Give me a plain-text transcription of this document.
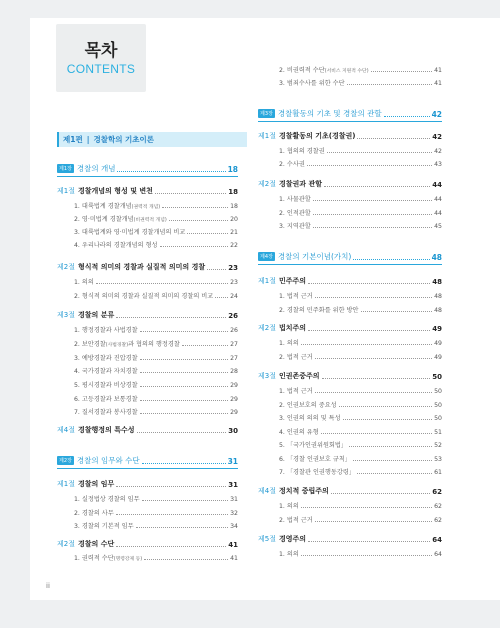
목차
CONTENTS
제1편 | 경찰학의 기초이론
제1장 경찰의 개념	18
제1절 경찰개념의 형성 및 변천	18
1. 대륙법계 경찰개념(권력적 개념)	18
2. 영·미법계 경찰개념(비권력적 개념)	20
3. 대륙법계와 영·미법계 경찰개념의 비교	21
4. 우리나라의 경찰개념의 형성	22
제2절 형식적 의미의 경찰과 실질적 의미의 경찰	23
1. 의의	23
2. 형식적 의미의 경찰과 실질적 의미의 경찰의 비교	24
제3절 경찰의 분류	26
1. 행정경찰과 사법경찰	26
2. 보안경찰(사법경찰)과 협의의 행정경찰	27
3. 예방경찰과 진압경찰	27
4. 국가경찰과 자치경찰	28
5. 평시경찰과 비상경찰	29
6. 고등경찰과 보통경찰	29
7. 질서경찰과 봉사경찰	29
제4절 경찰행정의 특수성	30
제2장 경찰의 임무와 수단	31
제1절 경찰의 임무	31
1. 실정법상 경찰의 임무	31
2. 경찰의 사무	32
3. 경찰의 기본적 임무	34
제2절 경찰의 수단	41
1. 권력적 수단(명령강제 등)	41
ii
2. 비권력적 수단(서비스 지원적 수단)	41
3. 범죄수사를 위한 수단	41
제3장 경찰활동의 기초 및 경찰의 관할	42
제1절 경찰활동의 기초(경찰권)	42
1. 협의의 경찰권	42
2. 수사권	43
제2절 경찰권과 관할	44
1. 사물관할	44
2. 인적관할	44
3. 지역관할	45
제4장 경찰의 기본이념(가치)	48
제1절 민주주의	48
1. 법적 근거	48
2. 경찰의 민주화를 위한 방안	48
제2절 법치주의	49
1. 의의	49
2. 법적 근거	49
제3절 인권존중주의	50
1. 법적 근거	50
2. 인권보호의 중요성	50
3. 인권의 의의 및 특성	50
4. 인권의 유형	51
5. 「국가인권위원회법」	52
6. 「경찰 인권보호 규칙」	53
7. 「경찰관 인권행동강령」	61
제4절 정치적 중립주의	62
1. 의의	62
2. 법적 근거	62
제5절 경영주의	64
1. 의의	64
